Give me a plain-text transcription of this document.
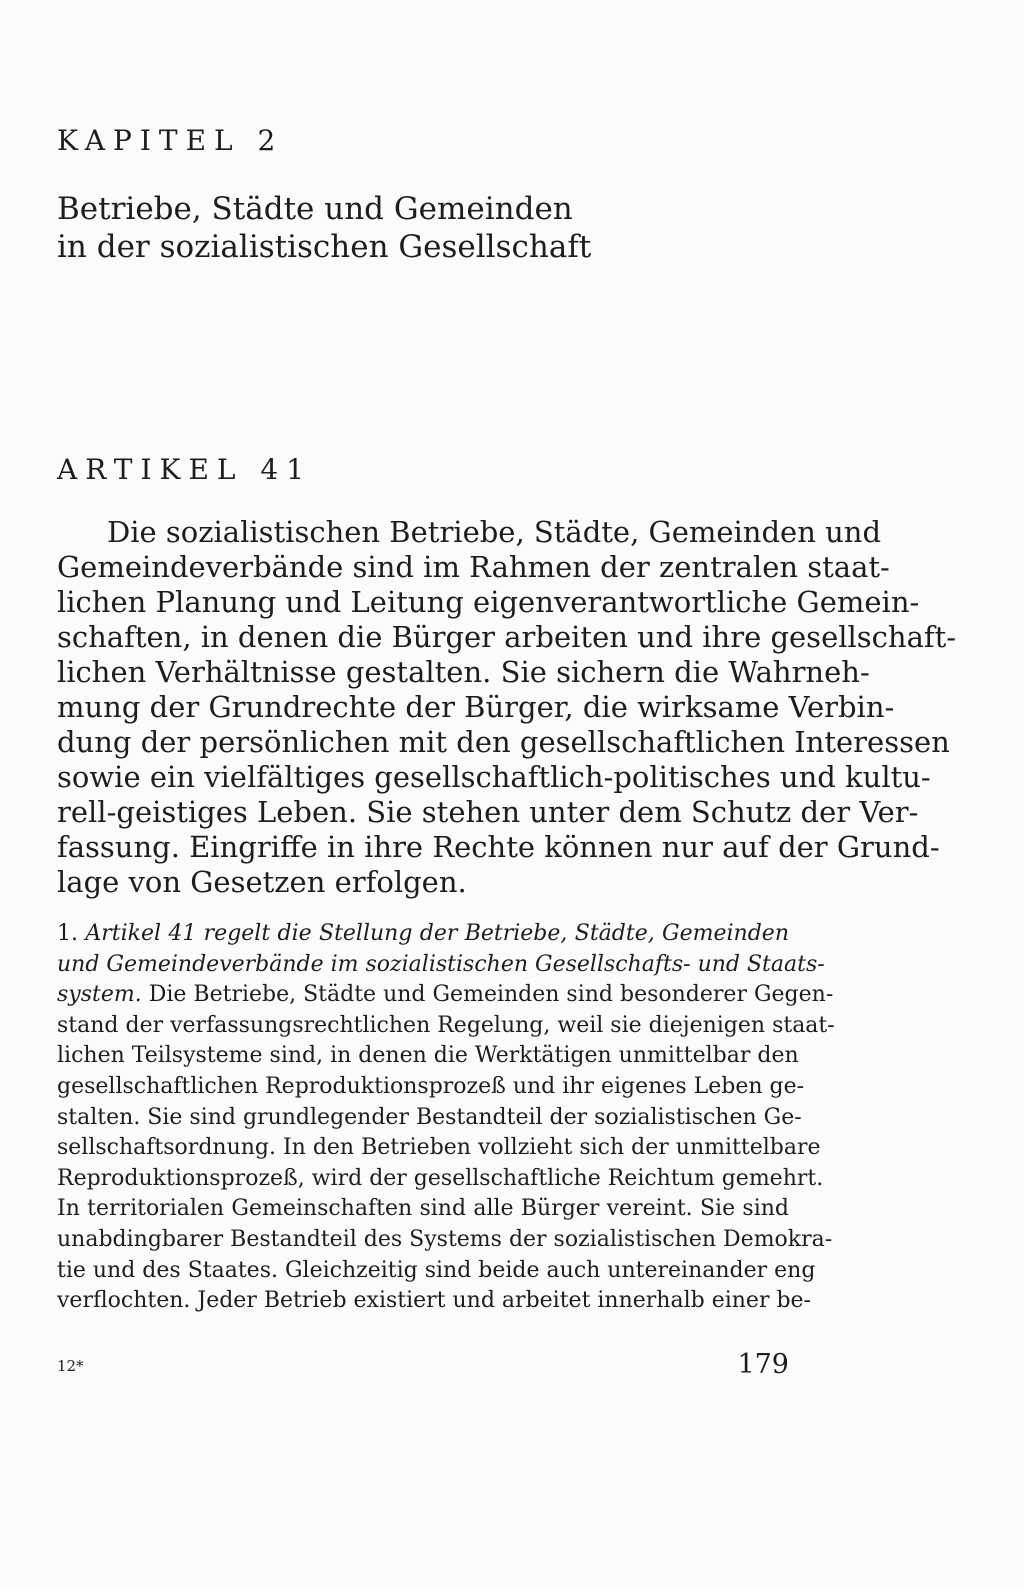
KAPITEL 2
Betriebe, Städte und Gemeinden
in der sozialistischen Gesellschaft
ARTIKEL 41
Die sozialistischen Betriebe, Städte, Gemeinden und
Gemeindeverbände sind im Rahmen der zentralen staat-
lichen Planung und Leitung eigenverantwortliche Gemein-
schaften, in denen die Bürger arbeiten und ihre gesellschaft-
lichen Verhältnisse gestalten. Sie sichern die Wahrneh-
mung der Grundrechte der Bürger, die wirksame Verbin-
dung der persönlichen mit den gesellschaftlichen Interessen
sowie ein vielfältiges gesellschaftlich-politisches und kultu-
rell-geistiges Leben. Sie stehen unter dem Schutz der Ver-
fassung. Eingriffe in ihre Rechte können nur auf der Grund-
lage von Gesetzen erfolgen.
1. Artikel 41 regelt die Stellung der Betriebe, Städte, Gemeinden
und Gemeindeverbände im sozialistischen Gesellschafts- und Staats-
system. Die Betriebe, Städte und Gemeinden sind besonderer Gegen-
stand der verfassungsrechtlichen Regelung, weil sie diejenigen staat-
lichen Teilsysteme sind, in denen die Werktätigen unmittelbar den
gesellschaftlichen Reproduktionsprozeß und ihr eigenes Leben ge-
stalten. Sie sind grundlegender Bestandteil der sozialistischen Ge-
sellschaftsordnung. In den Betrieben vollzieht sich der unmittelbare
Reproduktionsprozeß, wird der gesellschaftliche Reichtum gemehrt.
In territorialen Gemeinschaften sind alle Bürger vereint. Sie sind
unabdingbarer Bestandteil des Systems der sozialistischen Demokra-
tie und des Staates. Gleichzeitig sind beide auch untereinander eng
verflochten. Jeder Betrieb existiert und arbeitet innerhalb einer be-
12*	179
